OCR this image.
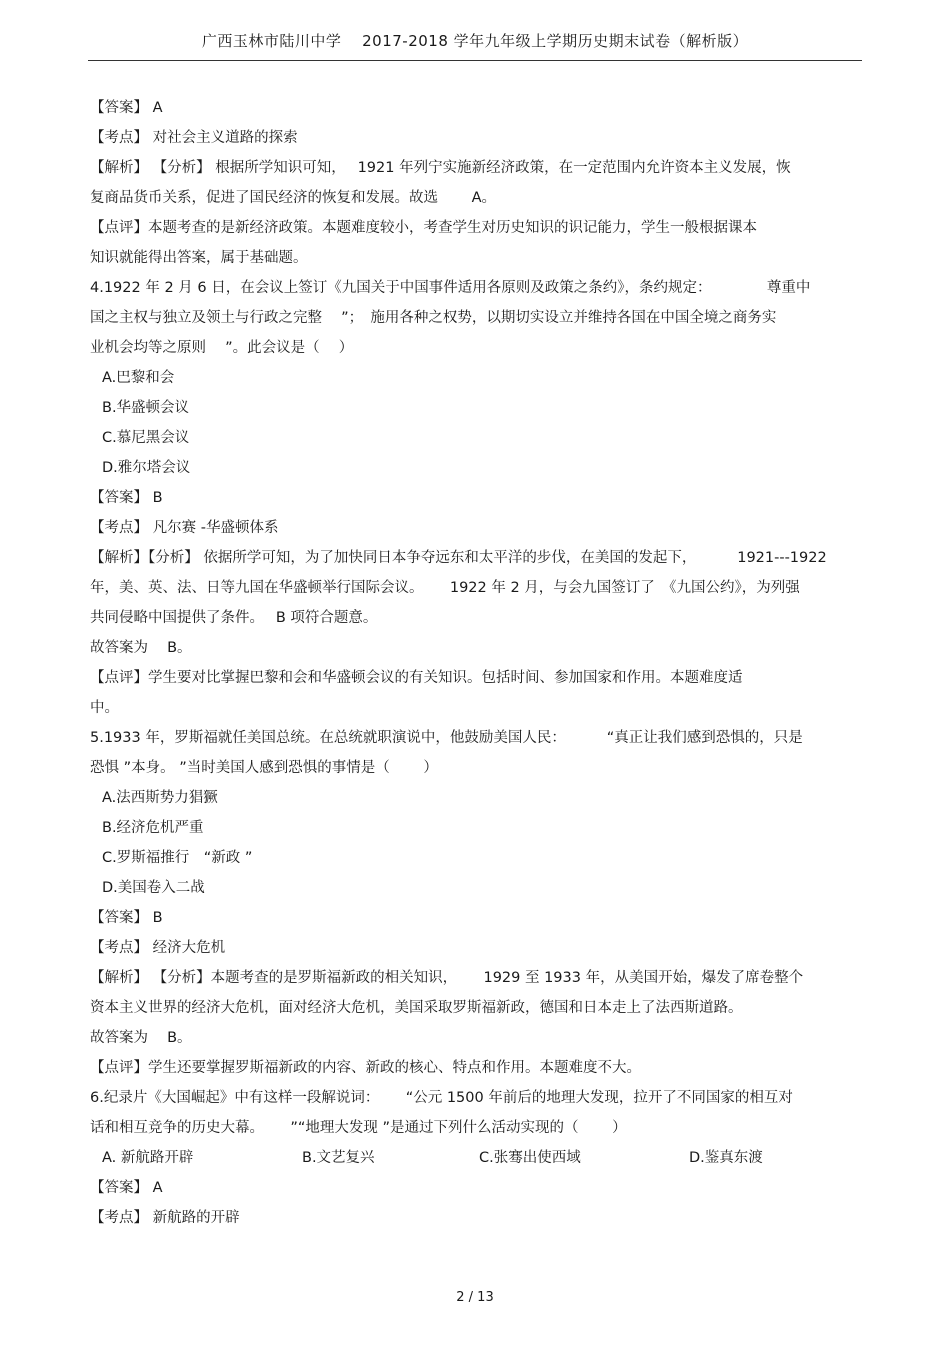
广西玉林市陆川中学　 2017-2018 学年九年级上学期历史期末试卷（解析版）
【答案】 A
【考点】 对社会主义道路的探索
【解析】 【分析】 根据所学知识可知，　 1921 年列宁实施新经济政策，在一定范围内允许资本主义发展，恢
复商品货币关系，促进了国民经济的恢复和发展。故选　　 A。
【点评】本题考查的是新经济政策。本题难度较小，考查学生对历史知识的识记能力，学生一般根据课本
知识就能得出答案，属于基础题。
4.1922 年 2 月 6 日，在会议上签订《九国关于中国事件适用各原则及政策之条约》，条约规定：　　　　 尊重中
国之主权与独立及领土与行政之完整　 ”；　施用各种之权势，以期切实设立并维持各国在中国全境之商务实
业机会均等之原则　 ”。此会议是（　 ）
A.巴黎和会
B.华盛顿会议
C.慕尼黑会议
D.雅尔塔会议
【答案】 B
【考点】 凡尔赛 -华盛顿体系
【解析】【分析】 依据所学可知，为了加快同日本争夺远东和太平洋的步伐，在美国的发起下，　　　 1921---1922
年，美、英、法、日等九国在华盛顿举行国际会议。　　 1922 年 2 月，与会九国签订了　《九国公约》，为列强
共同侵略中国提供了条件。　 B 项符合题意。
故答案为　 B。
【点评】学生要对比掌握巴黎和会和华盛顿会议的有关知识。包括时间、参加国家和作用。本题难度适
中。
5.1933 年，罗斯福就任美国总统。在总统就职演说中，他鼓励美国人民：　　　 “真正让我们感到恐惧的，只是
恐惧 ”本身。 ”当时美国人感到恐惧的事情是（　　 ）
A.法西斯势力猖獗
B.经济危机严重
C.罗斯福推行　“新政 ”
D.美国卷入二战
【答案】 B
【考点】 经济大危机
【解析】 【分析】本题考查的是罗斯福新政的相关知识，　　 1929 至 1933 年，从美国开始，爆发了席卷整个
资本主义世界的经济大危机，面对经济大危机，美国采取罗斯福新政，德国和日本走上了法西斯道路。
故答案为　 B。
【点评】学生还要掌握罗斯福新政的内容、新政的核心、特点和作用。本题难度不大。
6.纪录片《大国崛起》中有这样一段解说词：　　 “公元 1500 年前后的地理大发现，拉开了不同国家的相互对
话和相互竞争的历史大幕。　　 ”“地理大发现 ”是通过下列什么活动实现的（　　 ）
A. 新航路开辟	B.文艺复兴	C.张骞出使西域	D.鉴真东渡
【答案】 A
【考点】 新航路的开辟
2 / 13
